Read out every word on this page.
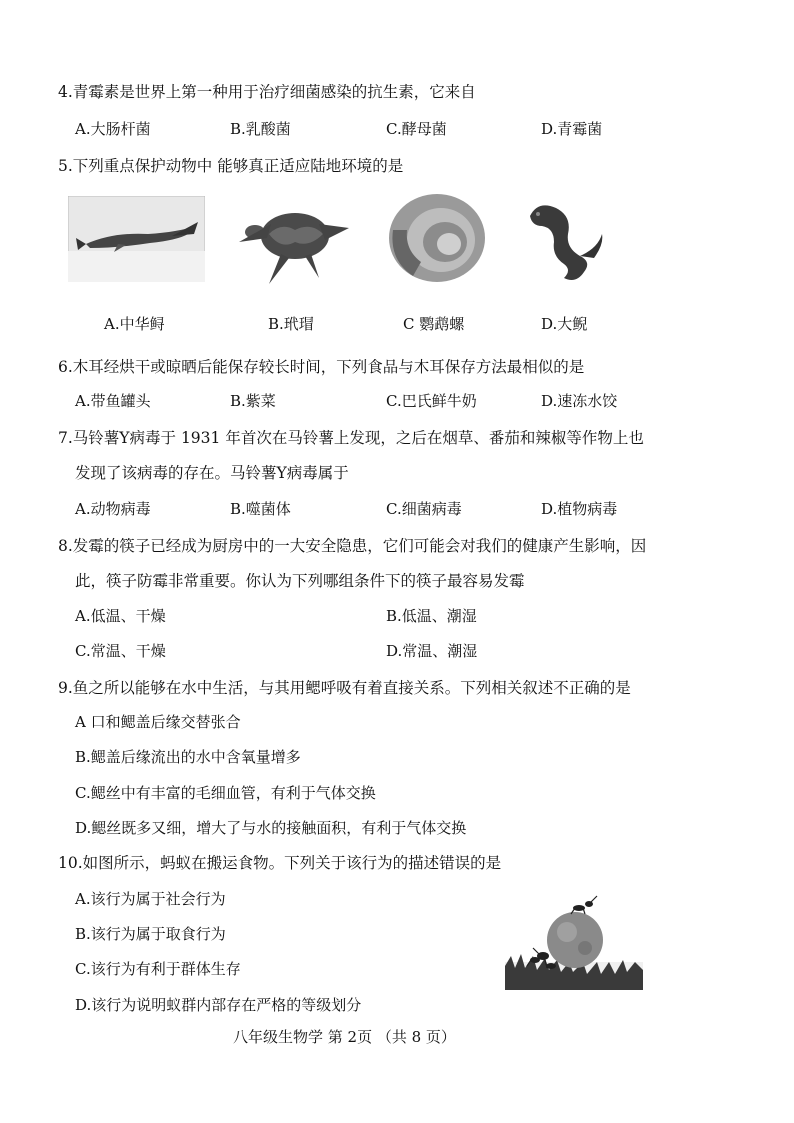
4.青霉素是世界上第一种用于治疗细菌感染的抗生素，它来自
A.大肠杆菌	B.乳酸菌	C.酵母菌	D.青霉菌
5.下列重点保护动物中 能够真正适应陆地环境的是
A.中华鲟	B.玳瑁	C 鹦鹉螺	D.大鲵
6.木耳经烘干或晾晒后能保存较长时间，下列食品与木耳保存方法最相似的是
A.带鱼罐头	B.紫菜	C.巴氏鲜牛奶	D.速冻水饺
7.马铃薯Y病毒于 1931 年首次在马铃薯上发现，之后在烟草、番茄和辣椒等作物上也
发现了该病毒的存在。马铃薯Y病毒属于
A.动物病毒	B.噬菌体	C.细菌病毒	D.植物病毒
8.发霉的筷子已经成为厨房中的一大安全隐患，它们可能会对我们的健康产生影响，因
此，筷子防霉非常重要。你认为下列哪组条件下的筷子最容易发霉
A.低温、干燥	B.低温、潮湿
C.常温、干燥	D.常温、潮湿
9.鱼之所以能够在水中生活，与其用鳃呼吸有着直接关系。下列相关叙述不正确的是
A 口和鳃盖后缘交替张合
B.鳃盖后缘流出的水中含氧量增多
C.鳃丝中有丰富的毛细血管，有利于气体交换
D.鳃丝既多又细，增大了与水的接触面积，有利于气体交换
10.如图所示，蚂蚁在搬运食物。下列关于该行为的描述错误的是
A.该行为属于社会行为
B.该行为属于取食行为
C.该行为有利于群体生存
D.该行为说明蚁群内部存在严格的等级划分
八年级生物学 第 2页 （共 8 页）
